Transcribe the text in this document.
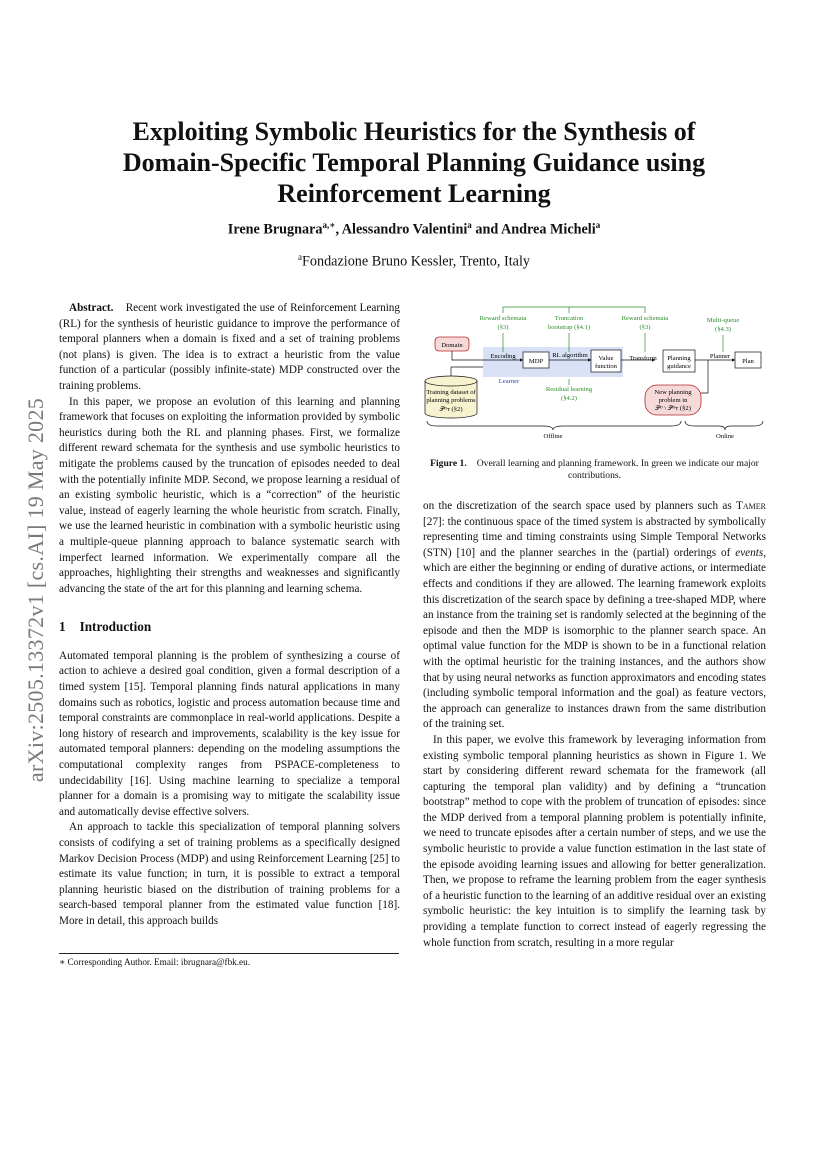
Exploiting Symbolic Heuristics for the Synthesis of
Domain-Specific Temporal Planning Guidance using
Reinforcement Learning
Irene Brugnara$^{a,∗}$, Alessandro Valentini$^a$ and Andrea Micheli$^a$
$^a$Fondazione Bruno Kessler, Trento, Italy
arXiv:2505.13372v1 [cs.AI] 19 May 2025

Abstract. Recent work investigated the use of Reinforcement Learning (RL) for the synthesis of heuristic guidance to improve the performance of temporal planners when a domain is fixed and a set of training problems (not plans) is given. The idea is to extract a heuristic from the value function of a particular (possibly infinite-state) MDP constructed over the training problems.

In this paper, we propose an evolution of this learning and planning framework that focuses on exploiting the information provided by symbolic heuristics during both the RL and planning phases. First, we formalize different reward schemata for the synthesis and use symbolic heuristics to mitigate the problems caused by the truncation of episodes needed to deal with the potentially infinite MDP. Second, we propose learning a residual of an existing symbolic heuristic, which is a “correction” of the heuristic value, instead of eagerly learning the whole heuristic from scratch. Finally, we use the learned heuristic in combination with a symbolic heuristic using a multiple-queue planning approach to balance systematic search with imperfect learned information. We experimentally compare all the approaches, highlighting their strengths and weaknesses and significantly advancing the state of the art for this planning and learning schema.

1 Introduction

Automated temporal planning is the problem of synthesizing a course of action to achieve a desired goal condition, given a formal description of a timed system [15]. Temporal planning finds natural applications in many domains such as robotics, logistic and process automation because time and temporal constraints are commonplace in real-world applications. Despite a long history of research and improvements, scalability is the key issue for automated temporal planners: depending on the modeling assumptions the computational complexity ranges from PSPACE-completeness to undecidability [16]. Using machine learning to specialize a temporal planner for a domain is a promising way to mitigate the scalability issue and automatically devise effective solvers.

An approach to tackle this specialization of temporal planning solvers consists of codifying a set of training problems as a specifically designed Markov Decision Process (MDP) and using Reinforcement Learning [25] to estimate its value function; in turn, it is possible to extract a temporal planning heuristic biased on the distribution of training problems for a search-based temporal planner from the estimated value function [18]. More in detail, this approach builds

∗ Corresponding Author. Email: ibrugnara@fbk.eu.
Reward schemata
(§3)
Truncation
bootstrap (§4.1)
Reward schemata
(§3)
Multi-queue
(§4.3)
Domain
MDP
Encoding	RL algorithm Value
function
Transform Planning
guidance
Planner
Plan
Learner
Residual learning
(§4.2)
Training dataset of
planning problems
𝒫ᴰᴛ (§2)
New planning
problem in
𝒫ᴰ \ 𝒫ᴰᴛ (§2)
Offline	Online
Figure 1. Overall learning and planning framework. In green we indicate our major contributions.

on the discretization of the search space used by planners such as Tamer [27]: the continuous space of the timed system is abstracted by symbolically representing time and timing constraints using Simple Temporal Networks (STN) [10] and the planner searches in the (partial) orderings of events, which are either the beginning or ending of durative actions, or intermediate effects and conditions if they are allowed. The learning framework exploits this discretization of the search space by defining a tree-shaped MDP, where an instance from the training set is randomly selected at the beginning of the episode and then the MDP is isomorphic to the planner search space. An optimal value function for the MDP is shown to be in a functional relation with the optimal heuristic for the training instances, and the authors show that by using neural networks as function approximators and encoding states (including symbolic temporal information and the goal) as feature vectors, the approach can generalize to instances drawn from the same distribution of the training set.

In this paper, we evolve this framework by leveraging information from existing symbolic temporal planning heuristics as shown in Figure 1. We start by considering different reward schemata for the framework (all capturing the temporal plan validity) and by defining a “truncation bootstrap” method to cope with the problem of truncation of episodes: since the MDP derived from a temporal planning problem is potentially infinite, we need to truncate episodes after a certain number of steps, and we use the symbolic heuristic to provide a value function estimation in the last state of the episode avoiding learning issues and allowing for better generalization. Then, we propose to reframe the learning problem from the eager synthesis of a heuristic function to the learning of an additive residual over an existing symbolic heuristic: the key intuition is to simplify the learning task by providing a template function to correct instead of eagerly regressing the whole function from scratch, resulting in a more regular
